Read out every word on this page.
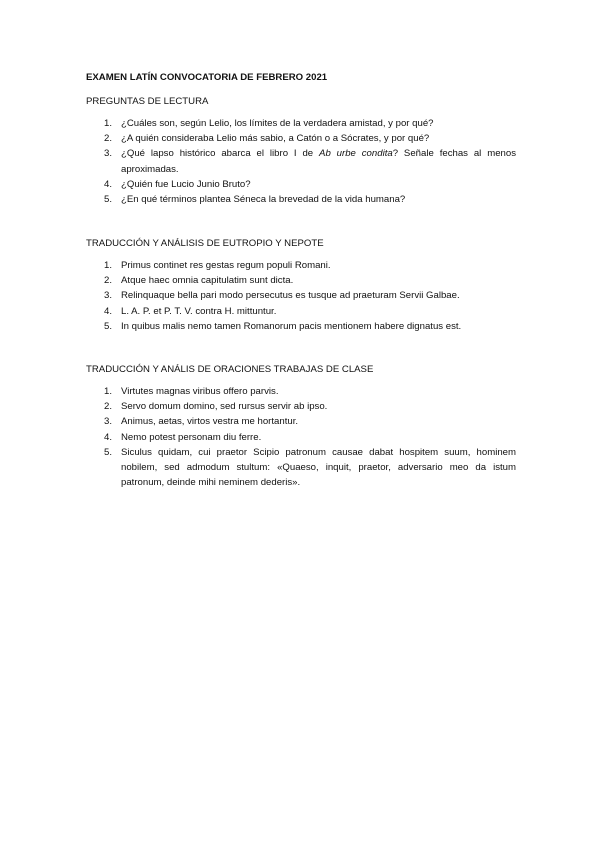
EXAMEN LATÍN CONVOCATORIA DE FEBRERO 2021
PREGUNTAS DE LECTURA
1. ¿Cuáles son, según Lelio, los límites de la verdadera amistad, y por qué?
2. ¿A quién consideraba Lelio más sabio, a Catón o a Sócrates, y por qué?
3. ¿Qué lapso histórico abarca el libro I de Ab urbe condita? Señale fechas al menos aproximadas.
4. ¿Quién fue Lucio Junio Bruto?
5. ¿En qué términos plantea Séneca la brevedad de la vida humana?
TRADUCCIÓN Y ANÁLISIS DE EUTROPIO Y NEPOTE
1. Primus continet res gestas regum populi Romani.
2. Atque haec omnia capitulatim sunt dicta.
3. Relinquaque bella pari modo persecutus es tusque ad praeturam Servii Galbae.
4. L. A. P. et P. T. V. contra H. mittuntur.
5. In quibus malis nemo tamen Romanorum pacis mentionem habere dignatus est.
TRADUCCIÓN Y ANÁLIS DE ORACIONES TRABAJAS DE CLASE
1. Virtutes magnas viribus offero parvis.
2. Servo domum domino, sed rursus servir ab ipso.
3. Animus, aetas, virtos vestra me hortantur.
4. Nemo potest personam diu ferre.
5. Siculus quidam, cui praetor Scipio patronum causae dabat hospitem suum, hominem nobilem, sed admodum stultum: «Quaeso, inquit, praetor, adversario meo da istum patronum, deinde mihi neminem dederis».
